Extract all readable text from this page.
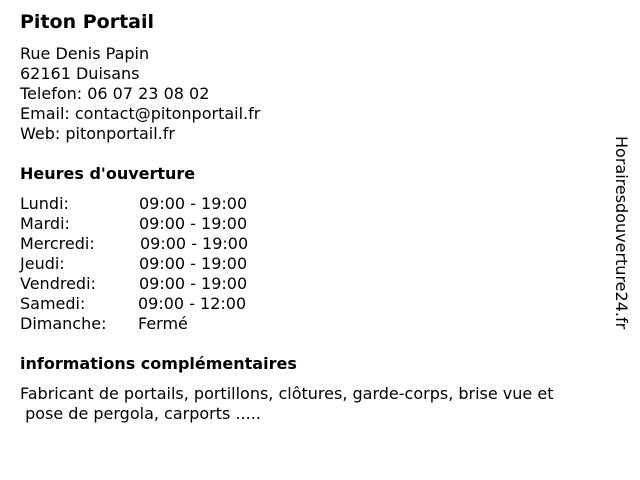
Piton Portail
Rue Denis Papin
62161 Duisans
Telefon: 06 07 23 08 02
Email: contact@pitonportail.fr
Web: pitonportail.fr
Heures d'ouverture
Lundi:	09:00 - 19:00
Mardi:	09:00 - 19:00
Mercredi:	09:00 - 19:00
Jeudi:	09:00 - 19:00
Vendredi:	09:00 - 19:00
Samedi:	09:00 - 12:00
Dimanche: Fermé
informations complémentaires
Fabricant de portails, portillons, clôtures, garde-corps, brise vue et
pose de pergola, carports .....
Horairesdouverture24.fr
